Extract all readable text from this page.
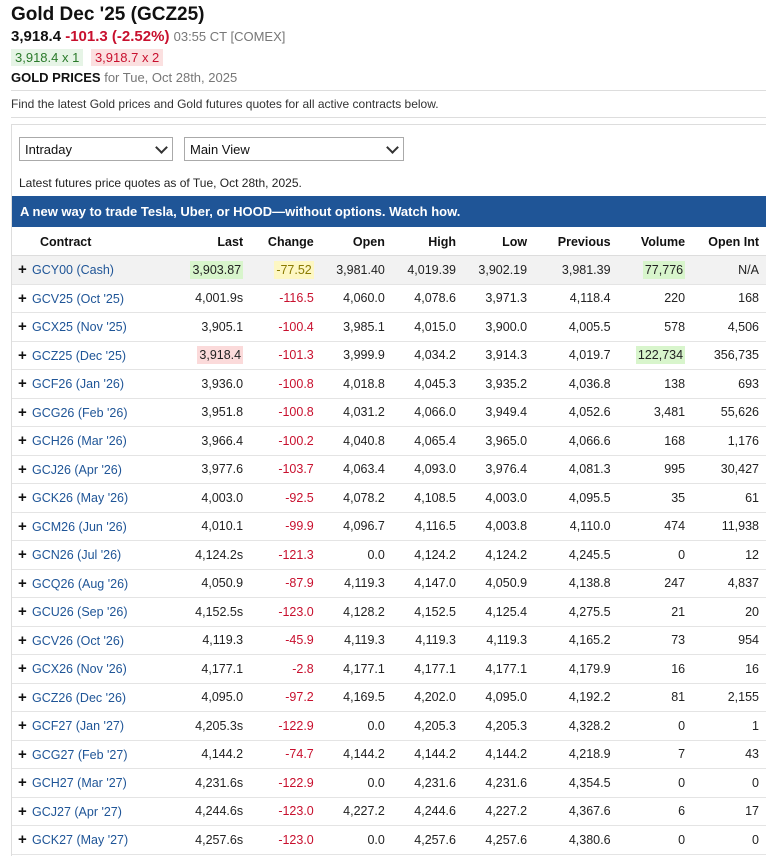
Gold Dec '25 (GCZ25)
3,918.4 -101.3 (-2.52%) 03:55 CT [COMEX]
3,918.4 x 1 3,918.7 x 2
GOLD PRICES for Tue, Oct 28th, 2025
Find the latest Gold prices and Gold futures quotes for all active contracts below.
Intraday	Main View
Latest futures price quotes as of Tue, Oct 28th, 2025.
A new way to trade Tesla, Uber, or HOOD—without options. Watch how.
Contract	Last	Change	Open	High	Low	Previous	Volume	Open Int
+ GCY00 (Cash)	3,903.87	-77.52	3,981.40	4,019.39	3,902.19	3,981.39	77,776	N/A
+ GCV25 (Oct '25)	4,001.9s	-116.5	4,060.0	4,078.6	3,971.3	4,118.4	220	168
+ GCX25 (Nov '25)	3,905.1	-100.4	3,985.1	4,015.0	3,900.0	4,005.5	578	4,506
+ GCZ25 (Dec '25)	3,918.4	-101.3	3,999.9	4,034.2	3,914.3	4,019.7	122,734	356,735
+ GCF26 (Jan '26)	3,936.0	-100.8	4,018.8	4,045.3	3,935.2	4,036.8	138	693
+ GCG26 (Feb '26)	3,951.8	-100.8	4,031.2	4,066.0	3,949.4	4,052.6	3,481	55,626
+ GCH26 (Mar '26)	3,966.4	-100.2	4,040.8	4,065.4	3,965.0	4,066.6	168	1,176
+ GCJ26 (Apr '26)	3,977.6	-103.7	4,063.4	4,093.0	3,976.4	4,081.3	995	30,427
+ GCK26 (May '26)	4,003.0	-92.5	4,078.2	4,108.5	4,003.0	4,095.5	35	61
+ GCM26 (Jun '26)	4,010.1	-99.9	4,096.7	4,116.5	4,003.8	4,110.0	474	11,938
+ GCN26 (Jul '26)	4,124.2s	-121.3	0.0	4,124.2	4,124.2	4,245.5	0	12
+ GCQ26 (Aug '26)	4,050.9	-87.9	4,119.3	4,147.0	4,050.9	4,138.8	247	4,837
+ GCU26 (Sep '26)	4,152.5s	-123.0	4,128.2	4,152.5	4,125.4	4,275.5	21	20
+ GCV26 (Oct '26)	4,119.3	-45.9	4,119.3	4,119.3	4,119.3	4,165.2	73	954
+ GCX26 (Nov '26)	4,177.1	-2.8	4,177.1	4,177.1	4,177.1	4,179.9	16	16
+ GCZ26 (Dec '26)	4,095.0	-97.2	4,169.5	4,202.0	4,095.0	4,192.2	81	2,155
+ GCF27 (Jan '27)	4,205.3s	-122.9	0.0	4,205.3	4,205.3	4,328.2	0	1
+ GCG27 (Feb '27)	4,144.2	-74.7	4,144.2	4,144.2	4,144.2	4,218.9	7	43
+ GCH27 (Mar '27)	4,231.6s	-122.9	0.0	4,231.6	4,231.6	4,354.5	0	0
+ GCJ27 (Apr '27)	4,244.6s	-123.0	4,227.2	4,244.6	4,227.2	4,367.6	6	17
+ GCK27 (May '27)	4,257.6s	-123.0	0.0	4,257.6	4,257.6	4,380.6	0	0
